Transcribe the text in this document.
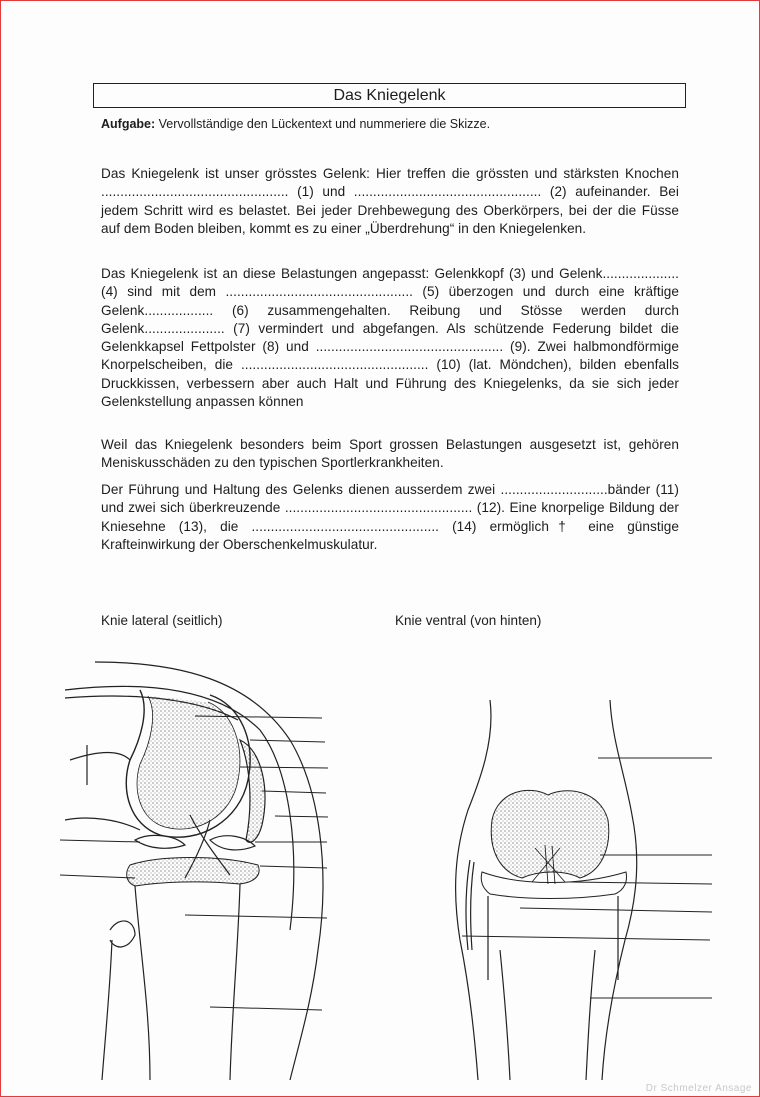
Das Kniegelenk
Aufgabe: Vervollständige den Lückentext und nummeriere die Skizze.
Das Kniegelenk ist unser grösstes Gelenk: Hier treffen die grössten und stärksten Knochen ................................................. (1) und ................................................. (2) aufeinander. Bei jedem Schritt wird es belastet. Bei jeder Drehbewegung des Oberkörpers, bei der die Füsse auf dem Boden bleiben, kommt es zu einer „Überdrehung“ in den Kniegelenken.
Das Kniegelenk ist an diese Belastungen angepasst: Gelenkkopf (3) und Gelenk.................... (4) sind mit dem ................................................. (5) überzogen und durch eine kräftige Gelenk.................. (6) zusammengehalten. Reibung und Stösse werden durch Gelenk..................... (7) vermindert und abgefangen. Als schützende Federung bildet die Gelenkkapsel Fettpolster (8) und ................................................. (9). Zwei halbmondförmige Knorpelscheiben, die ................................................. (10) (lat. Möndchen), bilden ebenfalls Druckkissen, verbessern aber auch Halt und Führung des Kniegelenks, da sie sich jeder Gelenkstellung anpassen können
Weil das Kniegelenk besonders beim Sport grossen Belastungen ausgesetzt ist, gehören Meniskusschäden zu den typischen Sportlerkrankheiten.
Der Führung und Haltung des Gelenks dienen ausserdem zwei ............................bänder (11) und zwei sich überkreuzende ................................................. (12). Eine knorpelige Bildung der Kniesehne (13), die ................................................. (14) ermöglich† eine günstige Krafteinwirkung der Oberschenkelmuskulatur.
Knie lateral (seitlich)	Knie ventral (von hinten)
Dr Schmelzer Ansage
